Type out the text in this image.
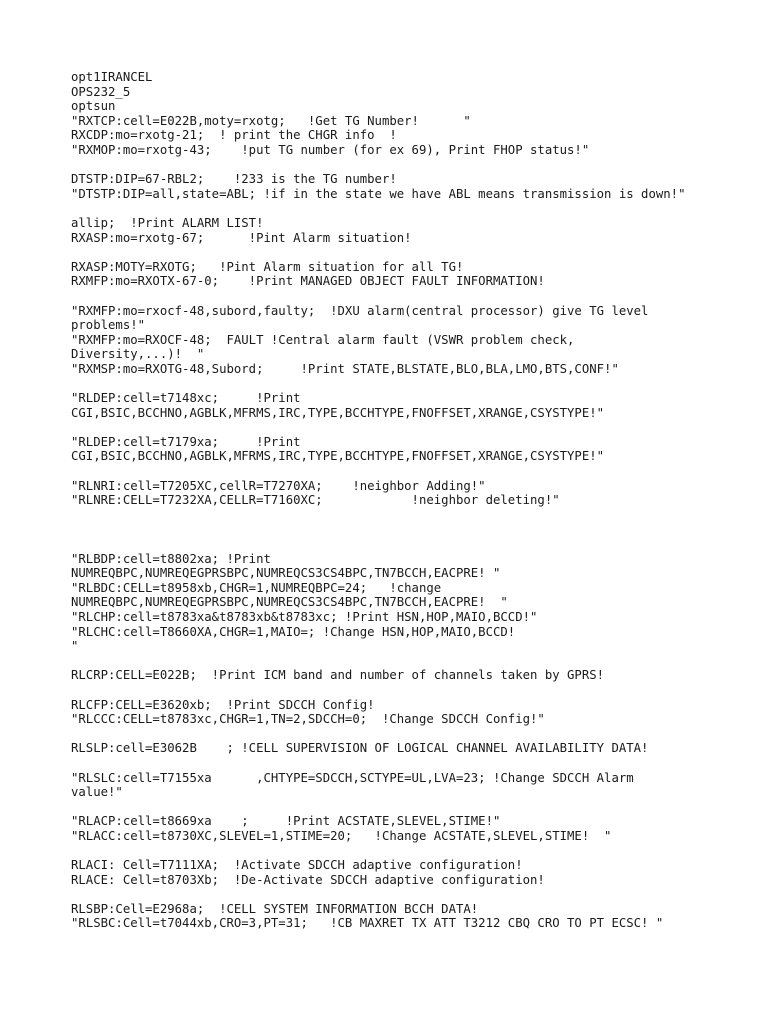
opt1IRANCEL
OPS232_5
optsun
"RXTCP:cell=E022B,moty=rxotg;   !Get TG Number!      "
RXCDP:mo=rxotg-21;  ! print the CHGR info  !
"RXMOP:mo=rxotg-43;    !put TG number (for ex 69), Print FHOP status!"
DTSTP:DIP=67-RBL2;    !233 is the TG number!
"DTSTP:DIP=all,state=ABL; !if in the state we have ABL means transmission is down!"
allip;  !Print ALARM LIST!
RXASP:mo=rxotg-67;      !Pint Alarm situation!
RXASP:MOTY=RXOTG;   !Pint Alarm situation for all TG!
RXMFP:mo=RXOTX-67-0;    !Print MANAGED OBJECT FAULT INFORMATION!
"RXMFP:mo=rxocf-48,subord,faulty;  !DXU alarm(central processor) give TG level
problems!"
"RXMFP:mo=RXOCF-48;  FAULT !Central alarm fault (VSWR problem check,
Diversity,...)!  "
"RXMSP:mo=RXOTG-48,Subord;     !Print STATE,BLSTATE,BLO,BLA,LMO,BTS,CONF!"
"RLDEP:cell=t7148xc;     !Print
CGI,BSIC,BCCHNO,AGBLK,MFRMS,IRC,TYPE,BCCHTYPE,FNOFFSET,XRANGE,CSYSTYPE!"
"RLDEP:cell=t7179xa;     !Print
CGI,BSIC,BCCHNO,AGBLK,MFRMS,IRC,TYPE,BCCHTYPE,FNOFFSET,XRANGE,CSYSTYPE!"
"RLNRI:cell=T7205XC,cellR=T7270XA;    !neighbor Adding!"
"RLNRE:CELL=T7232XA,CELLR=T7160XC;            !neighbor deleting!"
"RLBDP:cell=t8802xa; !Print
NUMREQBPC,NUMREQEGPRSBPC,NUMREQCS3CS4BPC,TN7BCCH,EACPRE! "
"RLBDC:CELL=t8958xb,CHGR=1,NUMREQBPC=24;   !change
NUMREQBPC,NUMREQEGPRSBPC,NUMREQCS3CS4BPC,TN7BCCH,EACPRE!  "
"RLCHP:cell=t8783xa&t8783xb&t8783xc; !Print HSN,HOP,MAIO,BCCD!"
"RLCHC:cell=T8660XA,CHGR=1,MAIO=; !Change HSN,HOP,MAIO,BCCD!
"
RLCRP:CELL=E022B;  !Print ICM band and number of channels taken by GPRS!
RLCFP:CELL=E3620xb;  !Print SDCCH Config!
"RLCCC:CELL=t8783xc,CHGR=1,TN=2,SDCCH=0;  !Change SDCCH Config!"
RLSLP:cell=E3062B    ; !CELL SUPERVISION OF LOGICAL CHANNEL AVAILABILITY DATA!
"RLSLC:cell=T7155xa      ,CHTYPE=SDCCH,SCTYPE=UL,LVA=23; !Change SDCCH Alarm
value!"
"RLACP:cell=t8669xa    ;     !Print ACSTATE,SLEVEL,STIME!"
"RLACC:cell=t8730XC,SLEVEL=1,STIME=20;   !Change ACSTATE,SLEVEL,STIME!  "
RLACI: Cell=T7111XA;  !Activate SDCCH adaptive configuration!
RLACE: Cell=t8703Xb;  !De-Activate SDCCH adaptive configuration!
RLSBP:Cell=E2968a;  !CELL SYSTEM INFORMATION BCCH DATA!
"RLSBC:Cell=t7044xb,CRO=3,PT=31;   !CB MAXRET TX ATT T3212 CBQ CRO TO PT ECSC! "
